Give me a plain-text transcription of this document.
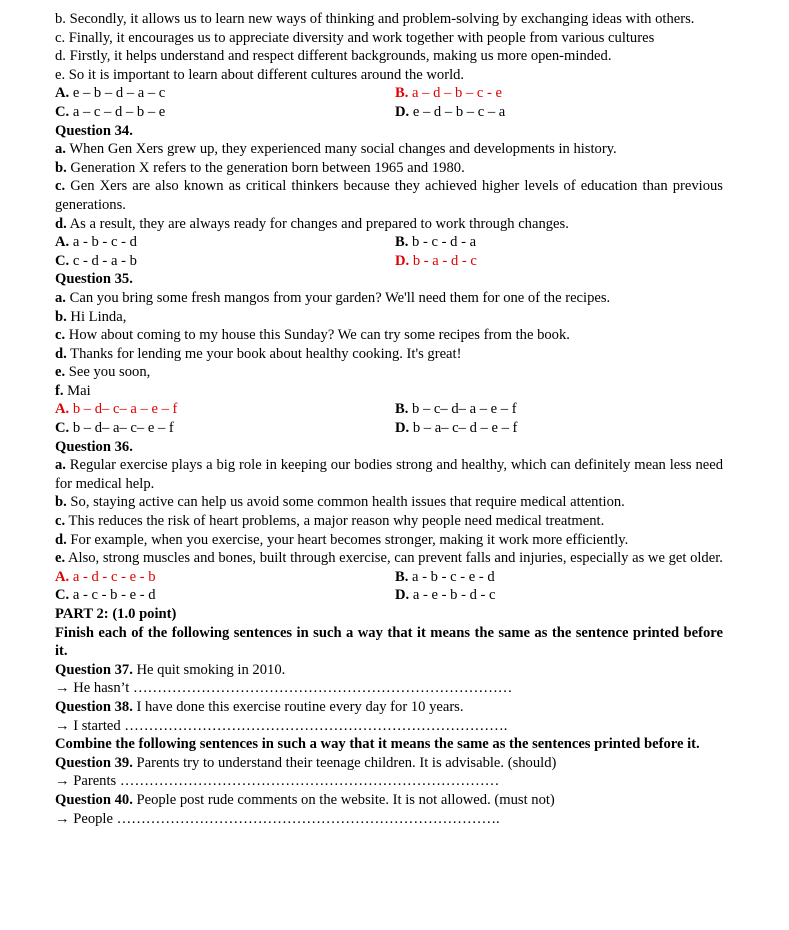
b. Secondly, it allows us to learn new ways of thinking and problem-solving by exchanging ideas with others.
c. Finally, it encourages us to appreciate diversity and work together with people from various cultures
d. Firstly, it helps understand and respect different backgrounds, making us more open-minded.
e. So it is important to learn about different cultures around the world.
A. e – b – d – a – c	B. a – d – b – c - e
C. a – c – d – b – e	D. e – d – b – c – a
Question 34.
a. When Gen Xers grew up, they experienced many social changes and developments in history.
b. Generation X refers to the generation born between 1965 and 1980.
c. Gen Xers are also known as critical thinkers because they achieved higher levels of education than previous generations.
d. As a result, they are always ready for changes and prepared to work through changes.
A. a - b - c - d	B. b - c - d - a
C. c - d - a - b	D. b - a - d - c
Question 35.
a. Can you bring some fresh mangos from your garden? We'll need them for one of the recipes.
b. Hi Linda,
c. How about coming to my house this Sunday? We can try some recipes from the book.
d. Thanks for lending me your book about healthy cooking. It's great!
e. See you soon,
f. Mai
A. b – d– c– a – e – f	B. b – c– d– a – e – f
C. b – d– a– c– e – f	D. b – a– c– d – e – f
Question 36.
a. Regular exercise plays a big role in keeping our bodies strong and healthy, which can definitely mean less need for medical help.
b. So, staying active can help us avoid some common health issues that require medical attention.
c. This reduces the risk of heart problems, a major reason why people need medical treatment.
d. For example, when you exercise, your heart becomes stronger, making it work more efficiently.
e. Also, strong muscles and bones, built through exercise, can prevent falls and injuries, especially as we get older.
A. a - d - c - e - b	B. a - b - c - e - d
C. a - c - b - e - d	D. a - e - b - d - c
PART 2: (1.0 point)
Finish each of the following sentences in such a way that it means the same as the sentence printed before it.
Question 37. He quit smoking in 2010.
→ He hasn’t ……………………………………………………………………
Question 38. I have done this exercise routine every day for 10 years.
→ I started …………………………………………………………………….
Combine the following sentences in such a way that it means the same as the sentences printed before it.
Question 39. Parents try to understand their teenage children. It is advisable. (should)
→ Parents ……………………………………………………………………
Question 40. People post rude comments on the website. It is not allowed. (must not)
→ People …………………………………………………………………….
